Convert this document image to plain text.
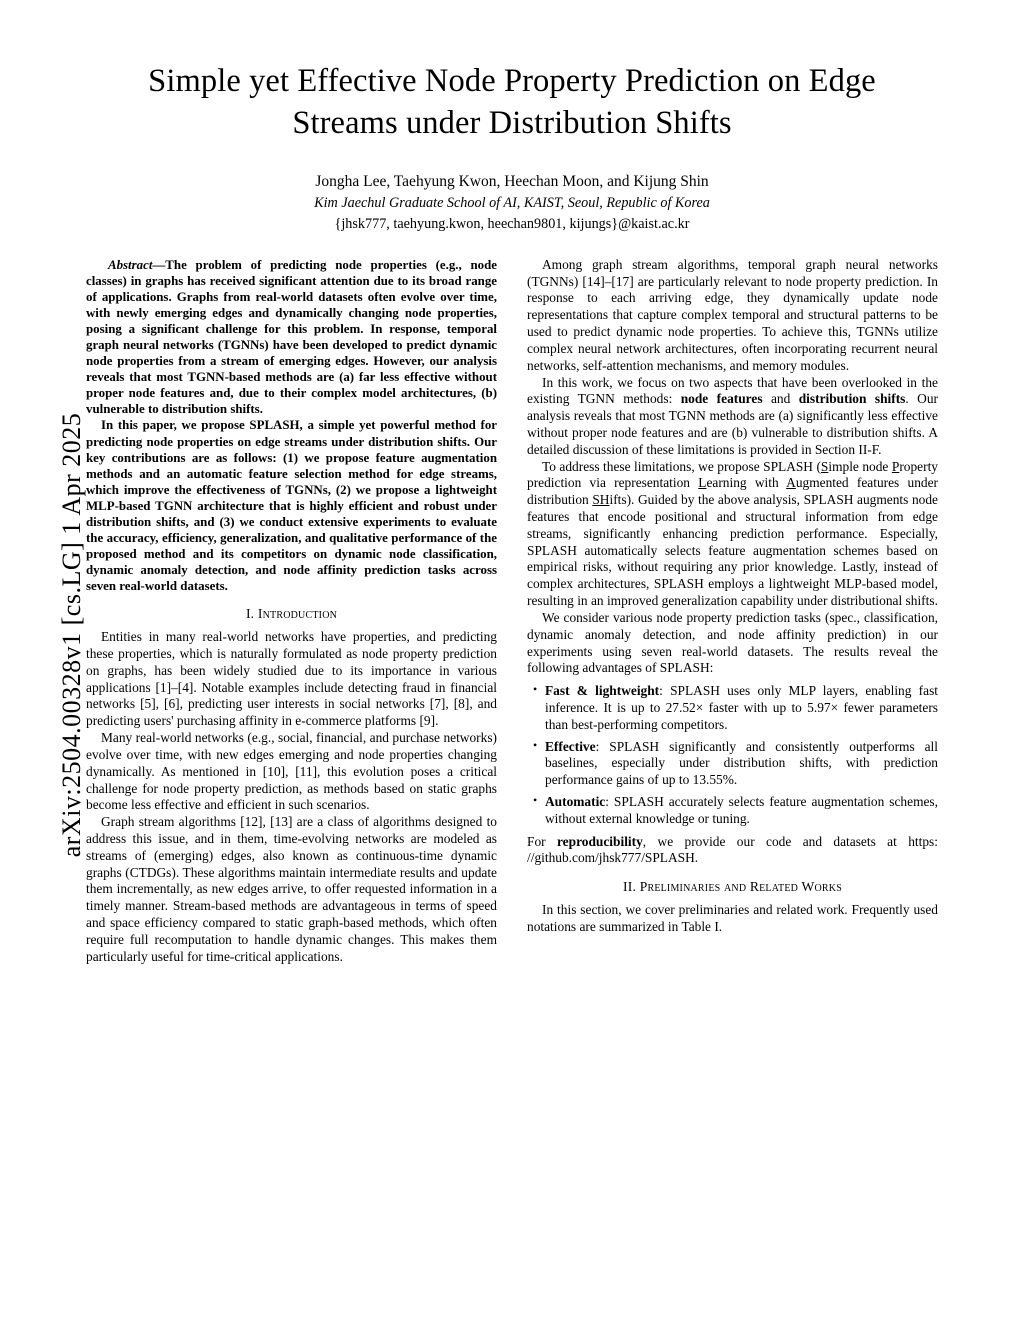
arXiv:2504.00328v1 [cs.LG] 1 Apr 2025
Simple yet Effective Node Property Prediction on Edge Streams under Distribution Shifts
Jongha Lee, Taehyung Kwon, Heechan Moon, and Kijung Shin
Kim Jaechul Graduate School of AI, KAIST, Seoul, Republic of Korea
{jhsk777, taehyung.kwon, heechan9801, kijungs}@kaist.ac.kr

Abstract—The problem of predicting node properties (e.g., node classes) in graphs has received significant attention due to its broad range of applications. Graphs from real-world datasets often evolve over time, with newly emerging edges and dynamically changing node properties, posing a significant challenge for this problem. In response, temporal graph neural networks (TGNNs) have been developed to predict dynamic node properties from a stream of emerging edges. However, our analysis reveals that most TGNN-based methods are (a) far less effective without proper node features and, due to their complex model architectures, (b) vulnerable to distribution shifts.

In this paper, we propose SPLASH, a simple yet powerful method for predicting node properties on edge streams under distribution shifts. Our key contributions are as follows: (1) we propose feature augmentation methods and an automatic feature selection method for edge streams, which improve the effectiveness of TGNNs, (2) we propose a lightweight MLP-based TGNN architecture that is highly efficient and robust under distribution shifts, and (3) we conduct extensive experiments to evaluate the accuracy, efficiency, generalization, and qualitative performance of the proposed method and its competitors on dynamic node classification, dynamic anomaly detection, and node affinity prediction tasks across seven real-world datasets.

I. Introduction

Entities in many real-world networks have properties, and predicting these properties, which is naturally formulated as node property prediction on graphs, has been widely studied due to its importance in various applications [1]–[4]. Notable examples include detecting fraud in financial networks [5], [6], predicting user interests in social networks [7], [8], and predicting users' purchasing affinity in e-commerce platforms [9].

Many real-world networks (e.g., social, financial, and purchase networks) evolve over time, with new edges emerging and node properties changing dynamically. As mentioned in [10], [11], this evolution poses a critical challenge for node property prediction, as methods based on static graphs become less effective and efficient in such scenarios.

Graph stream algorithms [12], [13] are a class of algorithms designed to address this issue, and in them, time-evolving networks are modeled as streams of (emerging) edges, also known as continuous-time dynamic graphs (CTDGs). These algorithms maintain intermediate results and update them incrementally, as new edges arrive, to offer requested information in a timely manner. Stream-based methods are advantageous in terms of speed and space efficiency compared to static graph-based methods, which often require full recomputation to handle dynamic changes. This makes them particularly useful for time-critical applications.

Among graph stream algorithms, temporal graph neural networks (TGNNs) [14]–[17] are particularly relevant to node property prediction. In response to each arriving edge, they dynamically update node representations that capture complex temporal and structural patterns to be used to predict dynamic node properties. To achieve this, TGNNs utilize complex neural network architectures, often incorporating recurrent neural networks, self-attention mechanisms, and memory modules.

In this work, we focus on two aspects that have been overlooked in the existing TGNN methods: node features and distribution shifts. Our analysis reveals that most TGNN methods are (a) significantly less effective without proper node features and are (b) vulnerable to distribution shifts. A detailed discussion of these limitations is provided in Section II-F.

To address these limitations, we propose SPLASH (Simple node Property prediction via representation Learning with Augmented features under distribution SHifts). Guided by the above analysis, SPLASH augments node features that encode positional and structural information from edge streams, significantly enhancing prediction performance. Especially, SPLASH automatically selects feature augmentation schemes based on empirical risks, without requiring any prior knowledge. Lastly, instead of complex architectures, SPLASH employs a lightweight MLP-based model, resulting in an improved generalization capability under distributional shifts.

We consider various node property prediction tasks (spec., classification, dynamic anomaly detection, and node affinity prediction) in our experiments using seven real-world datasets. The results reveal the following advantages of SPLASH:

• Fast & lightweight: SPLASH uses only MLP layers, enabling fast inference. It is up to 27.52× faster with up to 5.97× fewer parameters than best-performing competitors.
• Effective: SPLASH significantly and consistently outperforms all baselines, especially under distribution shifts, with prediction performance gains of up to 13.55%.
• Automatic: SPLASH accurately selects feature augmentation schemes, without external knowledge or tuning.

For reproducibility, we provide our code and datasets at https: //github.com/jhsk777/SPLASH.

II. Preliminaries and Related Works

In this section, we cover preliminaries and related work. Frequently used notations are summarized in Table I.
